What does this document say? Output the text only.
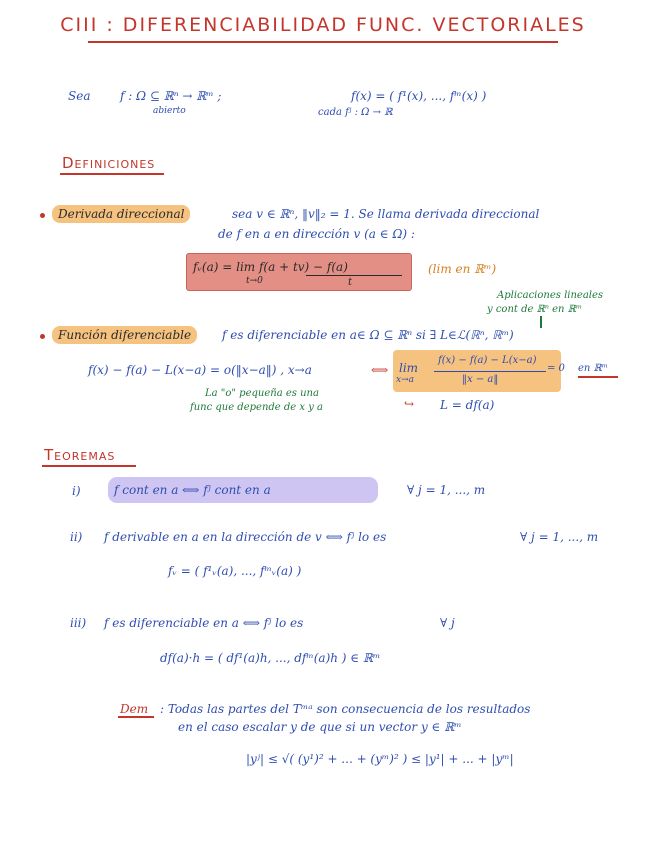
CIII : DIFERENCIABILIDAD FUNC. VECTORIALES
Sea f : Ω ⊆ ℝⁿ → ℝᵐ ;
abierto
f(x) = ( f¹(x), ..., fᵐ(x) )
cada fʲ : Ω → ℝ
Definiciones
Derivada direccional	sea v ∈ ℝⁿ, ‖v‖₂ = 1. Se llama derivada direccional
de f en a en dirección v (a ∈ Ω) :
fᵥ(a) = lim f(a + tv) − f(a)
t→0	t
(lim en ℝᵐ)
Aplicaciones lineales
y cont de ℝⁿ en ℝᵐ
Función diferenciable	f es diferenciable en a∈ Ω ⊆ ℝⁿ si ∃ L∈ℒ(ℝⁿ, ℝᵐ)
f(x) − f(a) − L(x−a) = o(‖x−a‖) , x→a	⟺ lim
x→a
f(x) − f(a) − L(x−a)
‖x − a‖
= 0 en ℝᵐ
La "o" pequeña es una
func que depende de x y a	↪ L = df(a)
Teoremas
i)	f cont en a ⟺ fʲ cont en a	∀ j = 1, ..., m
ii) f derivable en a en la dirección de v ⟺ fʲ lo es	∀ j = 1, ..., m
fᵥ = ( f¹ᵥ(a), ..., fᵐᵥ(a) )
iii) f es diferenciable en a ⟺ fʲ lo es	∀ j
df(a)·h = ( df¹(a)h, ..., dfᵐ(a)h ) ∈ ℝᵐ
Dem : Todas las partes del Tᵐᵃ son consecuencia de los resultados
en el caso escalar y de que si un vector y ∈ ℝᵐ
|yʲ| ≤ √( (y¹)² + ... + (yᵐ)² ) ≤ |y¹| + ... + |yᵐ|
